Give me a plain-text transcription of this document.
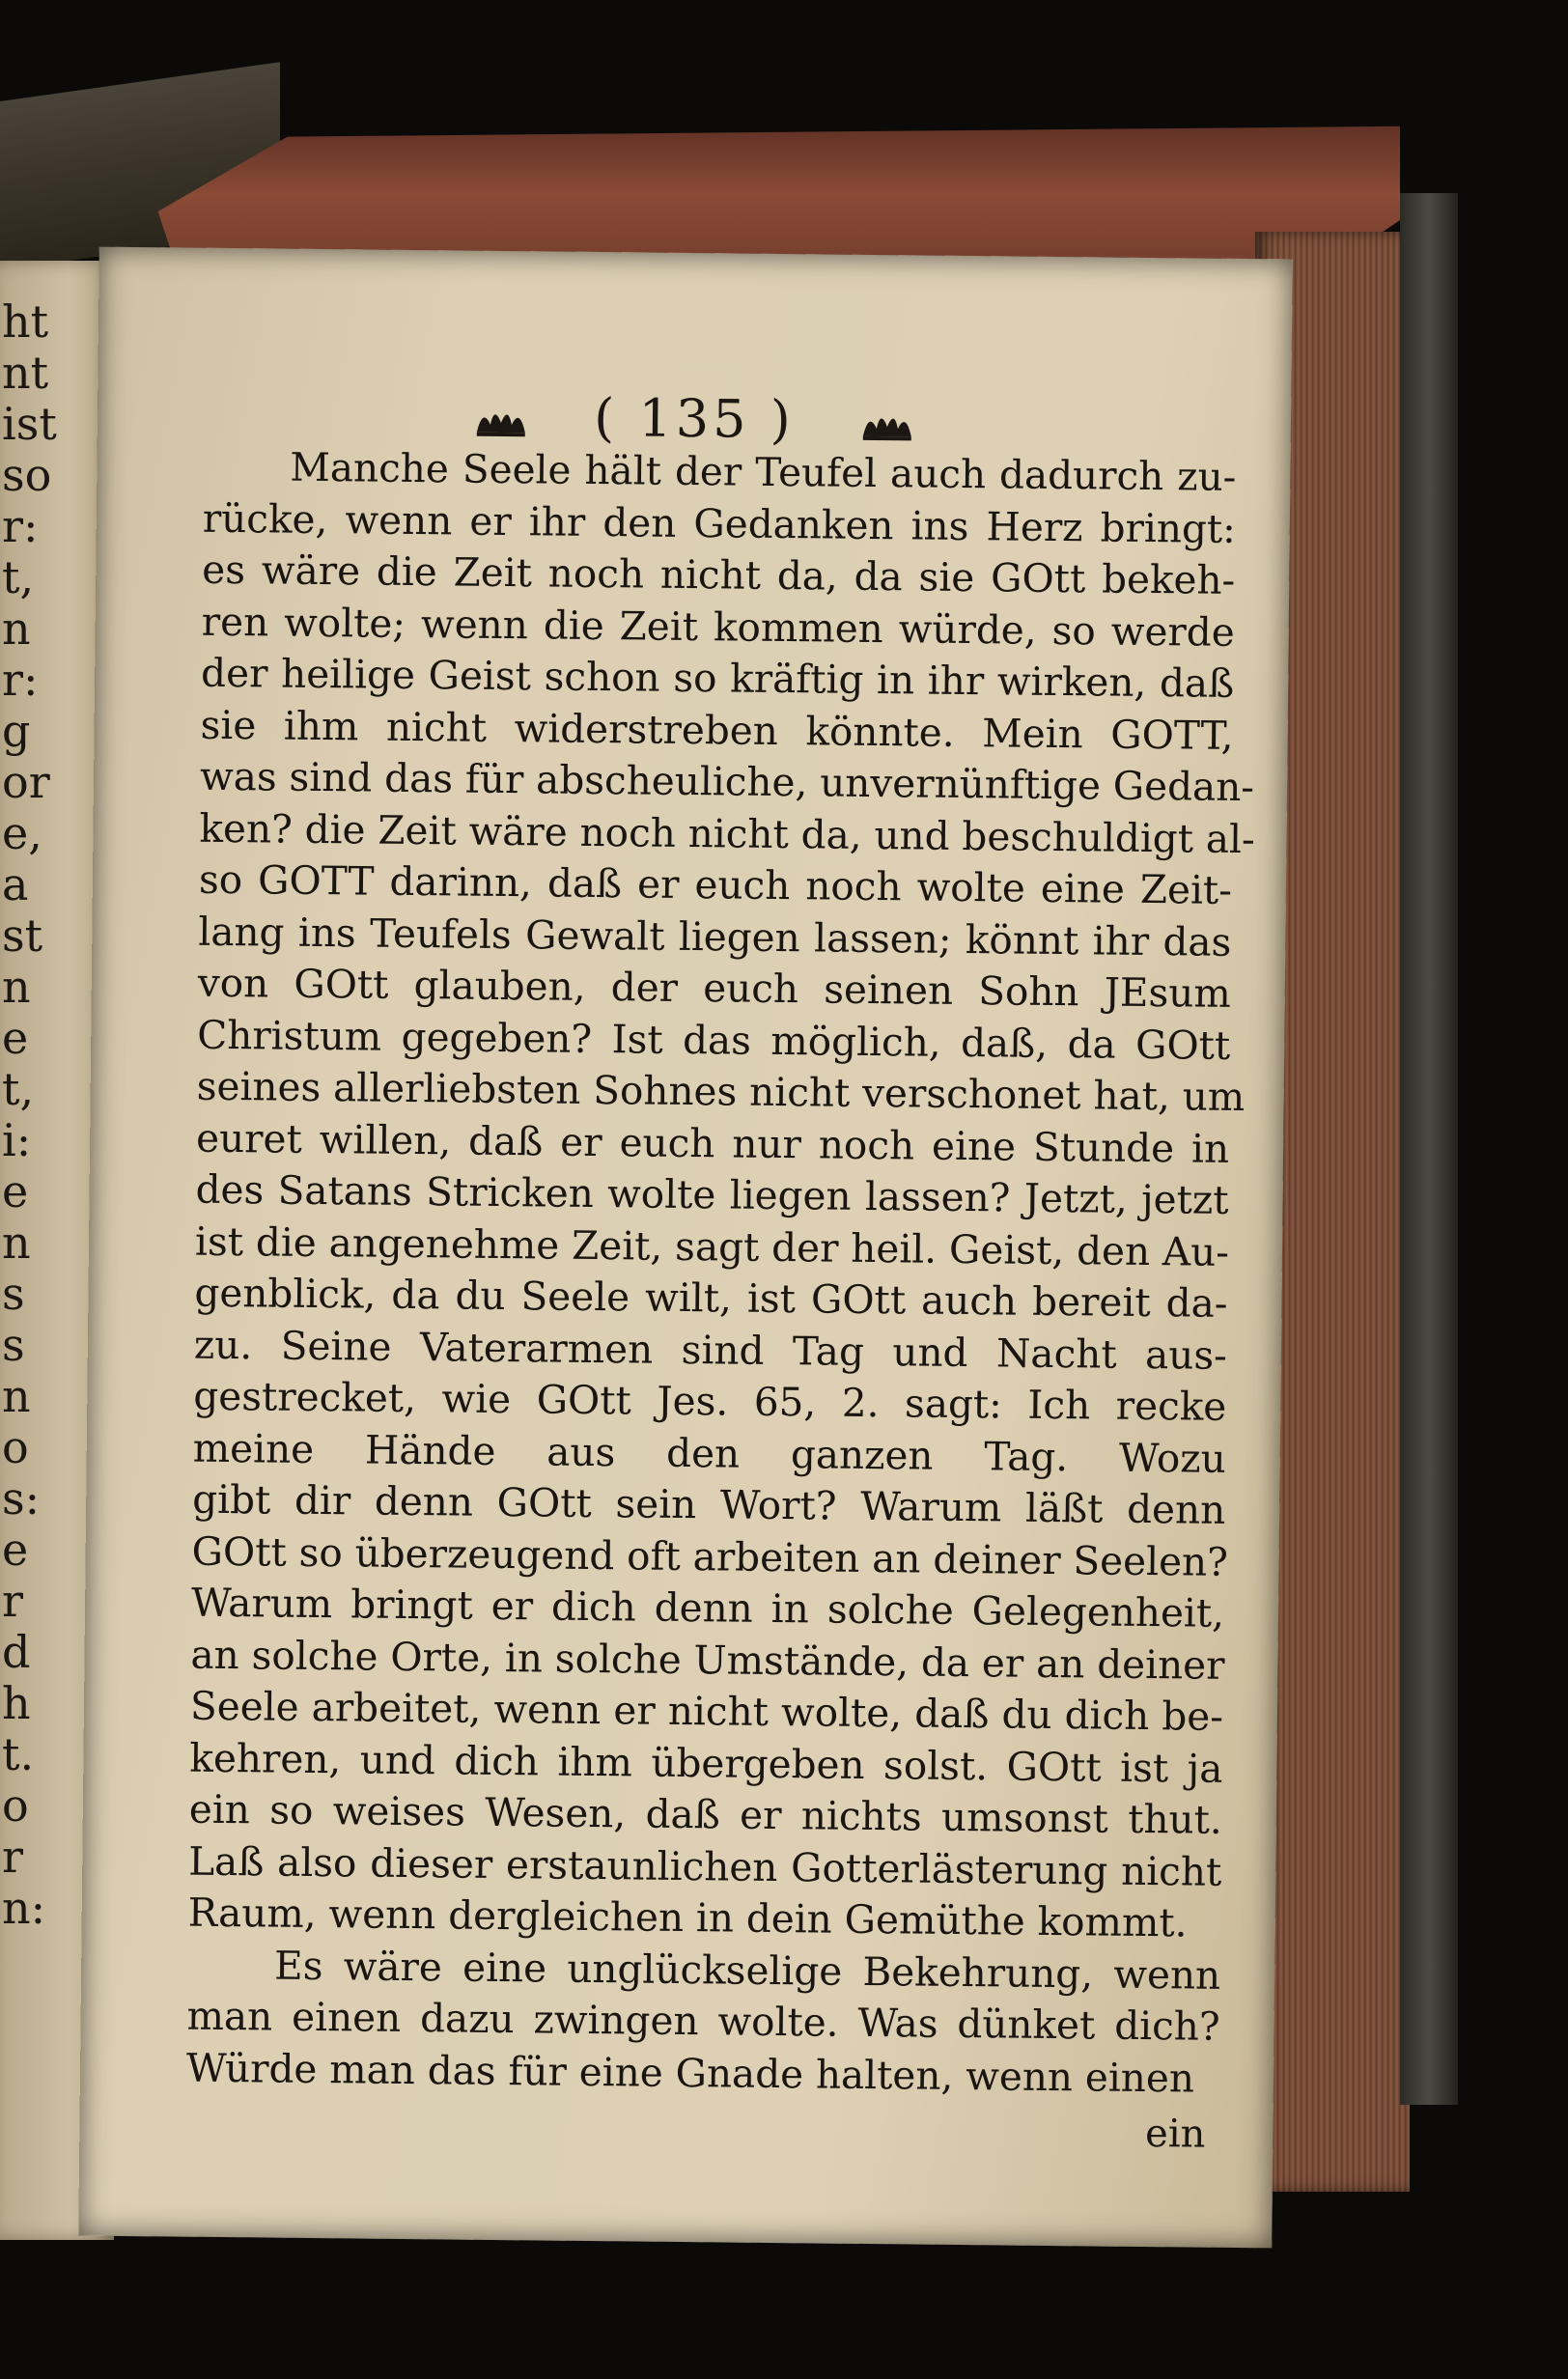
ht
nt
ist
so
r:
t,
n
r:
g
or
e,
a
st
n
e
t,
i:
e
n
s
s
n
o
s:
e
r
d
h
t.
o
r
n:
( 135 )
Manche Seele hält der Teufel auch dadurch zu-
rücke, wenn er ihr den Gedanken ins Herz bringt:
es wäre die Zeit noch nicht da, da sie GOtt bekeh-
ren wolte; wenn die Zeit kommen würde, so werde
der heilige Geist schon so kräftig in ihr wirken, daß
sie ihm nicht widerstreben könnte. Mein GOTT,
was sind das für abscheuliche, unvernünftige Gedan-
ken? die Zeit wäre noch nicht da, und beschuldigt al-
so GOTT darinn, daß er euch noch wolte eine Zeit-
lang ins Teufels Gewalt liegen lassen; könnt ihr das
von GOtt glauben, der euch seinen Sohn JEsum
Christum gegeben? Ist das möglich, daß, da GOtt
seines allerliebsten Sohnes nicht verschonet hat, um
euret willen, daß er euch nur noch eine Stunde in
des Satans Stricken wolte liegen lassen? Jetzt, jetzt
ist die angenehme Zeit, sagt der heil. Geist, den Au-
genblick, da du Seele wilt, ist GOtt auch bereit da-
zu. Seine Vaterarmen sind Tag und Nacht aus-
gestrecket, wie GOtt Jes. 65, 2. sagt: Ich recke
meine Hände aus den ganzen Tag. Wozu
gibt dir denn GOtt sein Wort? Warum läßt denn
GOtt so überzeugend oft arbeiten an deiner Seelen?
Warum bringt er dich denn in solche Gelegenheit,
an solche Orte, in solche Umstände, da er an deiner
Seele arbeitet, wenn er nicht wolte, daß du dich be-
kehren, und dich ihm übergeben solst. GOtt ist ja
ein so weises Wesen, daß er nichts umsonst thut.
Laß also dieser erstaunlichen Gotterlästerung nicht
Raum, wenn dergleichen in dein Gemüthe kommt.
Es wäre eine unglückselige Bekehrung, wenn
man einen dazu zwingen wolte. Was dünket dich?
Würde man das für eine Gnade halten, wenn einen
ein
